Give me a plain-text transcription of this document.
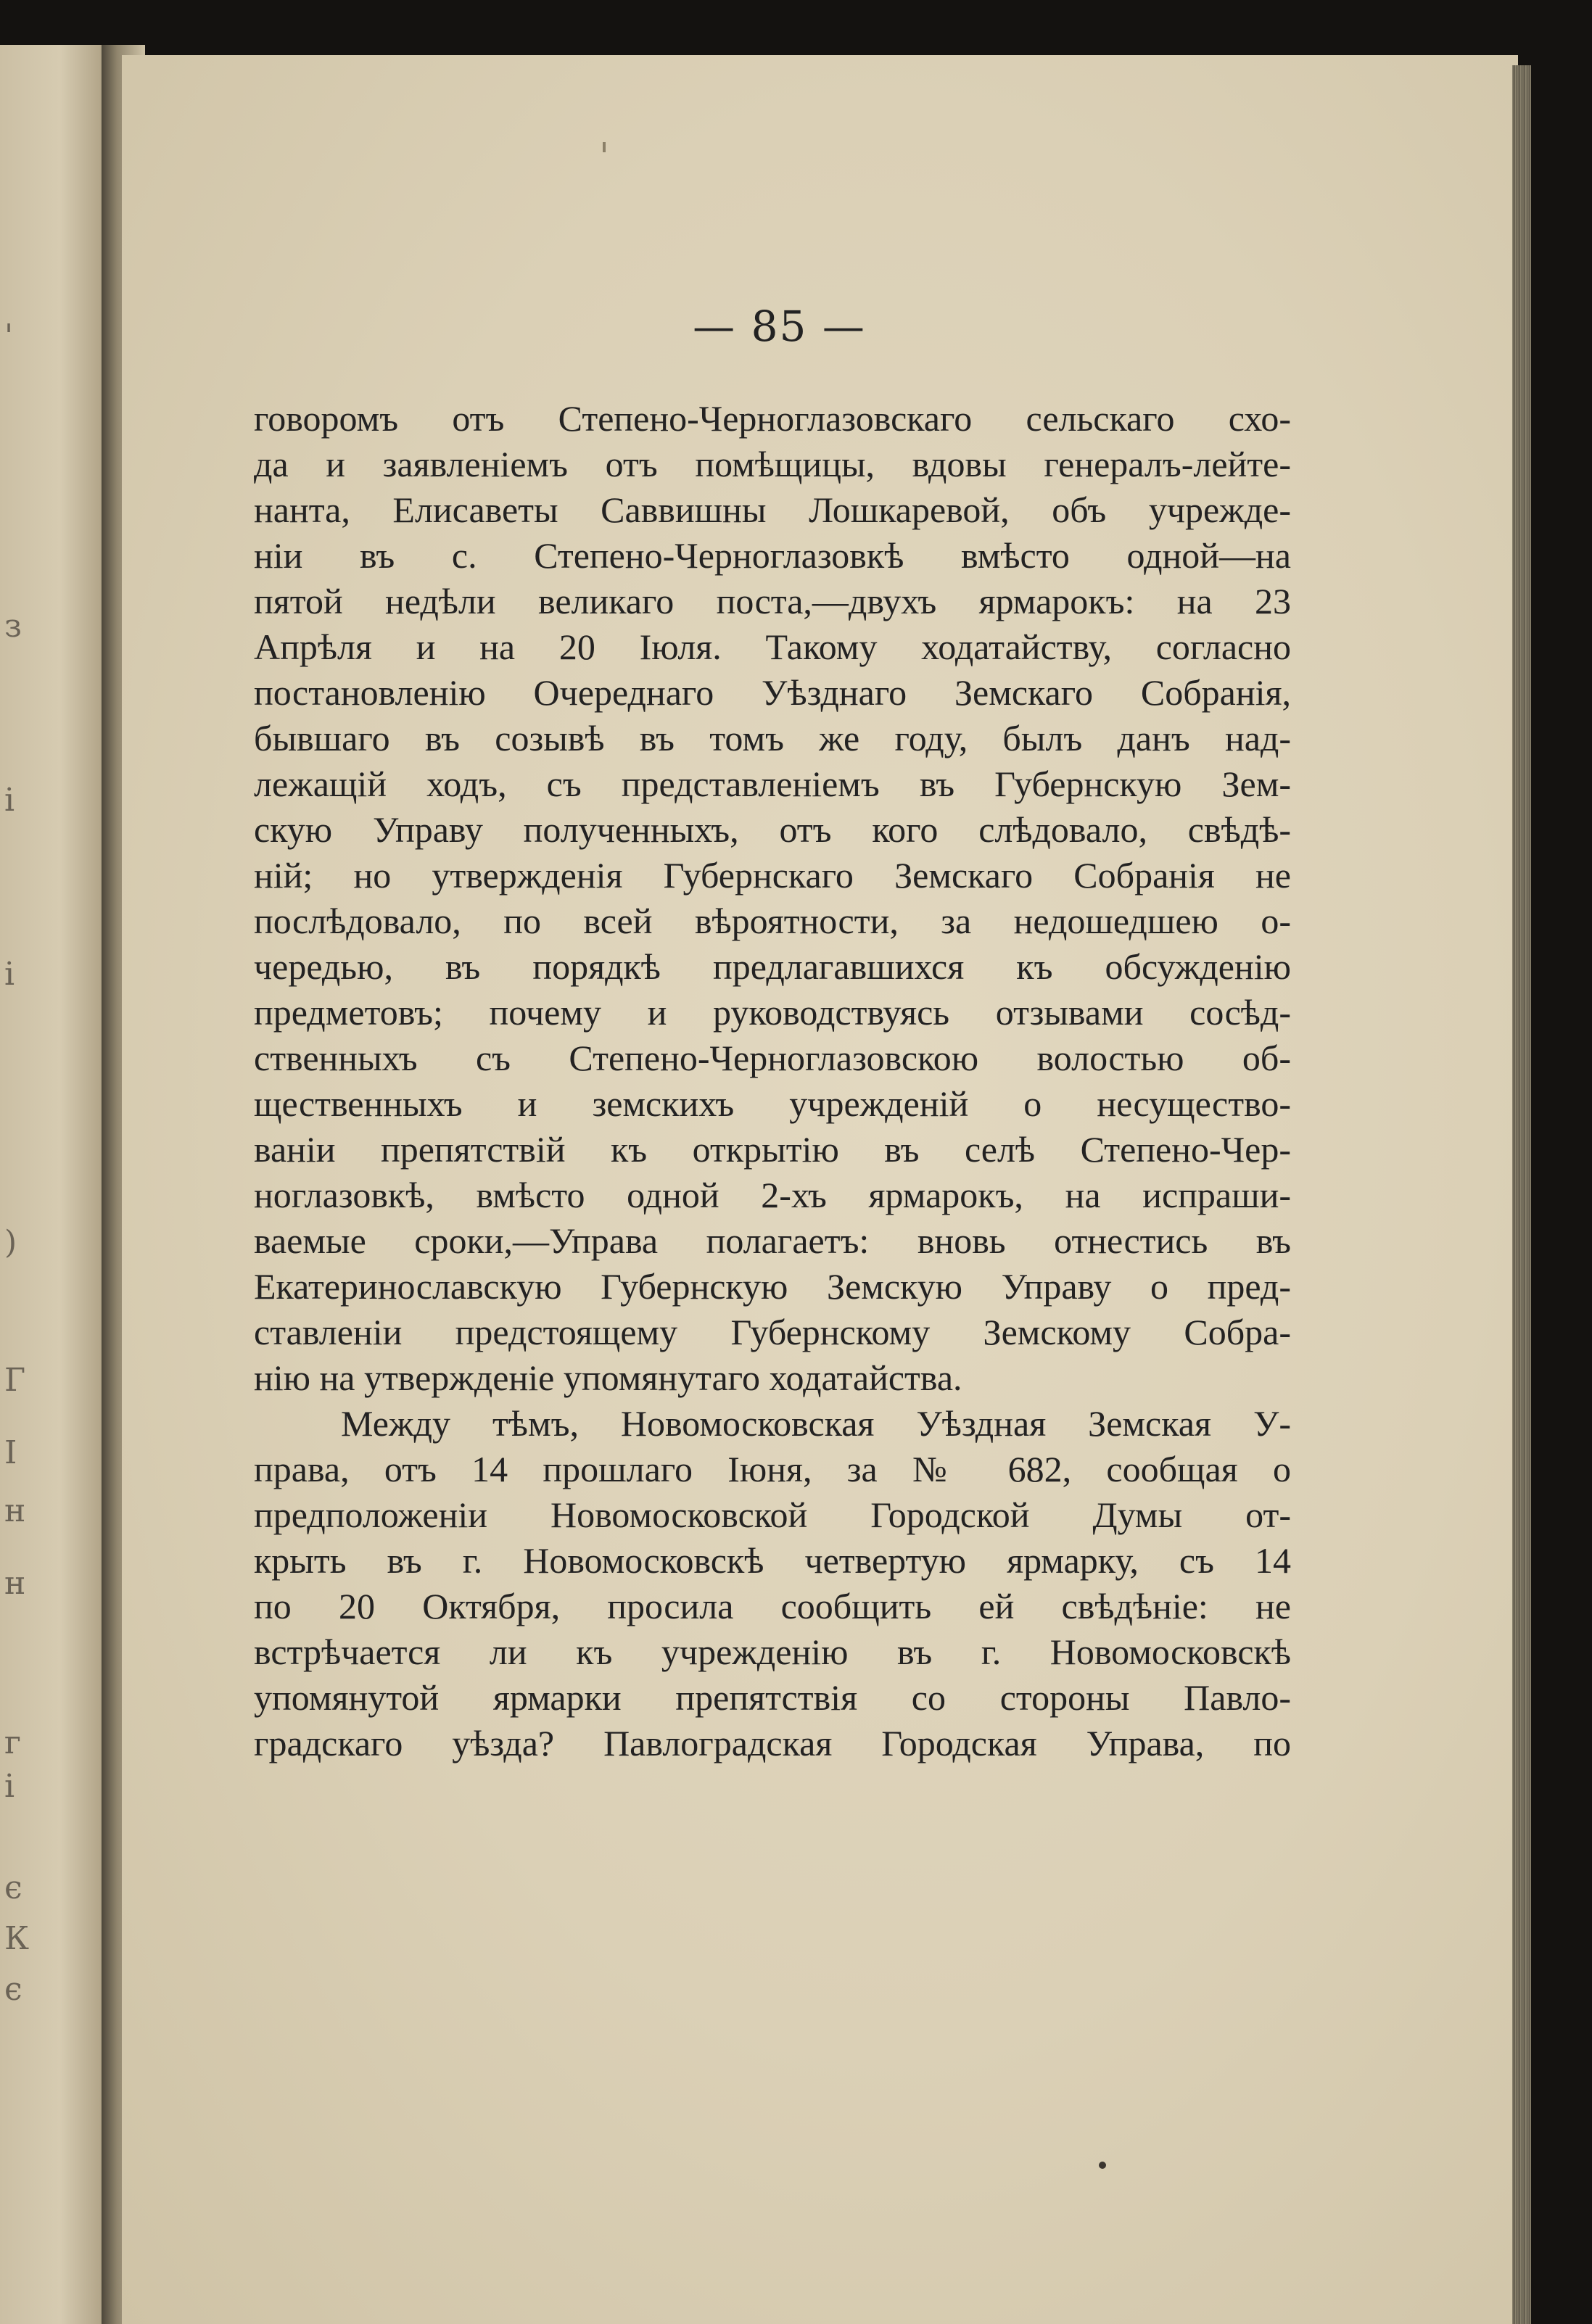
'
з
і
і
)
Г
І
н
н
г
і
є
К
є
— 85 —
говоромъ отъ Степено-Черноглазовскаго сельскаго схо-
да и заявленіемъ отъ помѣщицы, вдовы генералъ-лейте-
нанта, Елисаветы Саввишны Лошкаревой, объ учрежде-
ніи въ с. Степено-Черноглазовкѣ вмѣсто одной—на
пятой недѣли великаго поста,—двухъ ярмарокъ: на 23
Апрѣля и на 20 Іюля. Такому ходатайству, согласно
постановленію Очереднаго Уѣзднаго Земскаго Собранія,
бывшаго въ созывѣ въ томъ же году, былъ данъ над-
лежащій ходъ, съ представленіемъ въ Губернскую Зем-
скую Управу полученныхъ, отъ кого слѣдовало, свѣдѣ-
ній; но утвержденія Губернскаго Земскаго Собранія не
послѣдовало, по всей вѣроятности, за недошедшею о-
чередью, въ порядкѣ предлагавшихся къ обсужденію
предметовъ; почему и руководствуясь отзывами сосѣд-
ственныхъ съ Степено-Черноглазовскою волостью об-
щественныхъ и земскихъ учрежденій о несущество-
ваніи препятствій къ открытію въ селѣ Степено-Чер-
ноглазовкѣ, вмѣсто одной 2-хъ ярмарокъ, на испраши-
ваемые сроки,—Управа полагаетъ: вновь отнестись въ
Екатеринославскую Губернскую Земскую Управу о пред-
ставленіи предстоящему Губернскому Земскому Собра-
нію на утвержденіе упомянутаго ходатайства.
Между тѣмъ, Новомосковская Уѣздная Земская У-
права, отъ 14 прошлаго Іюня, за № 682, сообщая о
предположеніи Новомосковской Городской Думы от-
крыть въ г. Новомосковскѣ четвертую ярмарку, съ 14
по 20 Октября, просила сообщить ей свѣдѣніе: не
встрѣчается ли къ учрежденію въ г. Новомосковскѣ
упомянутой ярмарки препятствія со стороны Павло-
градскаго уѣзда? Павлоградская Городская Управа, по
